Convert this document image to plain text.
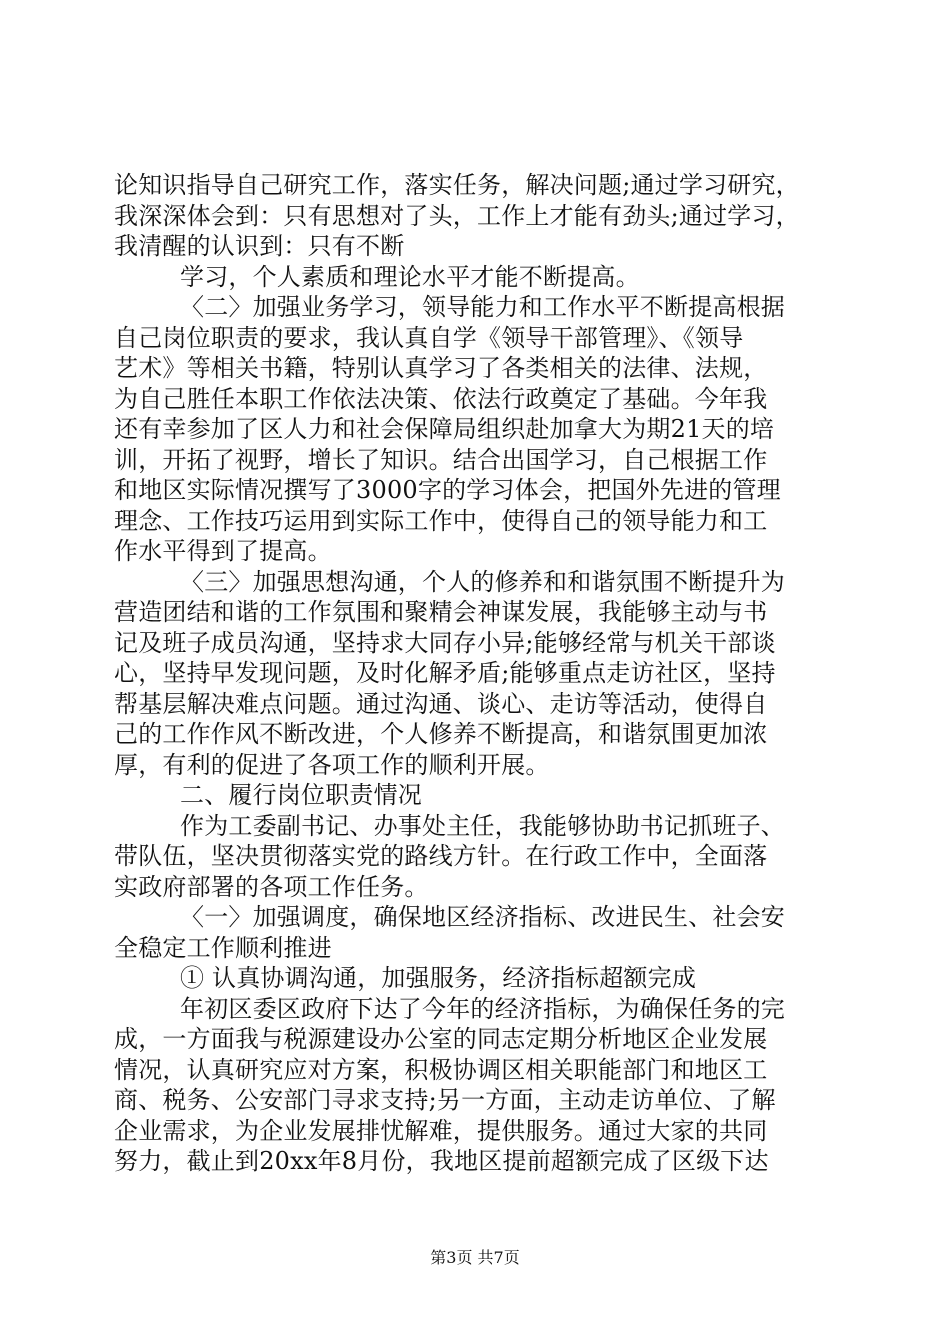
论知识指导自己研究工作，落实任务，解决问题;通过学习研究，
我深深体会到：只有思想对了头，工作上才能有劲头;通过学习，
我清醒的认识到：只有不断
学习，个人素质和理论水平才能不断提高。
〈二〉加强业务学习，领导能力和工作水平不断提高根据
自己岗位职责的要求，我认真自学《领导干部管理》、《领导
艺术》等相关书籍，特别认真学习了各类相关的法律、法规，
为自己胜任本职工作依法决策、依法行政奠定了基础。今年我
还有幸参加了区人力和社会保障局组织赴加拿大为期21天的培
训，开拓了视野，增长了知识。结合出国学习，自己根据工作
和地区实际情况撰写了3000字的学习体会，把国外先进的管理
理念、工作技巧运用到实际工作中，使得自己的领导能力和工
作水平得到了提高。
〈三〉加强思想沟通，个人的修养和和谐氛围不断提升为
营造团结和谐的工作氛围和聚精会神谋发展，我能够主动与书
记及班子成员沟通，坚持求大同存小异;能够经常与机关干部谈
心，坚持早发现问题，及时化解矛盾;能够重点走访社区，坚持
帮基层解决难点问题。通过沟通、谈心、走访等活动，使得自
己的工作作风不断改进，个人修养不断提高，和谐氛围更加浓
厚，有利的促进了各项工作的顺利开展。
二、履行岗位职责情况
作为工委副书记、办事处主任，我能够协助书记抓班子、
带队伍，坚决贯彻落实党的路线方针。在行政工作中，全面落
实政府部署的各项工作任务。
〈一〉加强调度，确保地区经济指标、改进民生、社会安
全稳定工作顺利推进
① 认真协调沟通，加强服务，经济指标超额完成
年初区委区政府下达了今年的经济指标，为确保任务的完
成，一方面我与税源建设办公室的同志定期分析地区企业发展
情况，认真研究应对方案，积极协调区相关职能部门和地区工
商、税务、公安部门寻求支持;另一方面，主动走访单位、了解
企业需求，为企业发展排忧解难，提供服务。通过大家的共同
努力，截止到20xx年8月份，我地区提前超额完成了区级下达
第3页 共7页
